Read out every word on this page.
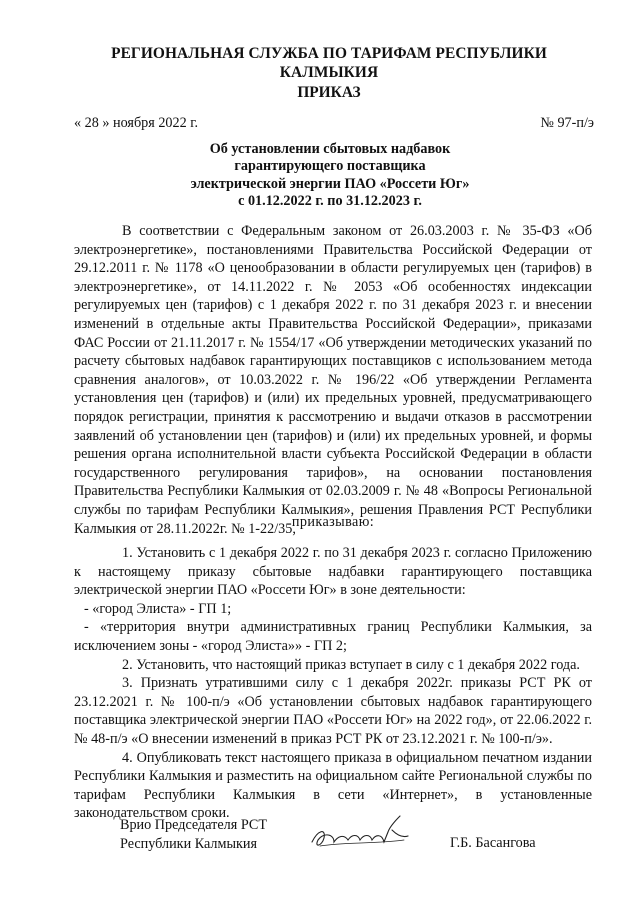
РЕГИОНАЛЬНАЯ СЛУЖБА ПО ТАРИФАМ РЕСПУБЛИКИ КАЛМЫКИЯ
ПРИКАЗ
« 28 » ноября 2022 г.	№ 97-п/э
Об установлении сбытовых надбавок
гарантирующего поставщика
электрической энергии ПАО «Россети Юг»
с 01.12.2022 г. по 31.12.2023 г.

В соответствии с Федеральным законом от 26.03.2003 г. № 35-ФЗ «Об электроэнергетике», постановлениями Правительства Российской Федерации от 29.12.2011 г. № 1178 «О ценообразовании в области регулируемых цен (тарифов) в электроэнергетике», от 14.11.2022 г. № 2053 «Об особенностях индексации регулируемых цен (тарифов) с 1 декабря 2022 г. по 31 декабря 2023 г. и внесении изменений в отдельные акты Правительства Российской Федерации», приказами ФАС России от 21.11.2017 г. № 1554/17 «Об утверждении методических указаний по расчету сбытовых надбавок гарантирующих поставщиков с использованием метода сравнения аналогов», от 10.03.2022 г. № 196/22 «Об утверждении Регламента установления цен (тарифов) и (или) их предельных уровней, предусматривающего порядок регистрации, принятия к рассмотрению и выдачи отказов в рассмотрении заявлений об установлении цен (тарифов) и (или) их предельных уровней, и формы решения органа исполнительной власти субъекта Российской Федерации в области государственного регулирования тарифов», на основании постановления Правительства Республики Калмыкия от 02.03.2009 г. № 48 «Вопросы Региональной службы по тарифам Республики Калмыкия», решения Правления РСТ Республики Калмыкия от 28.11.2022г. № 1-22/35,

приказываю:

1. Установить с 1 декабря 2022 г. по 31 декабря 2023 г. согласно Приложению к настоящему приказу сбытовые надбавки гарантирующего поставщика электрической энергии ПАО «Россети Юг» в зоне деятельности:

- «город Элиста» - ГП 1;

- «территория внутри административных границ Республики Калмыкия, за исключением зоны - «город Элиста»» - ГП 2;

2. Установить, что настоящий приказ вступает в силу с 1 декабря 2022 года.

3. Признать утратившими силу с 1 декабря 2022г. приказы РСТ РК от 23.12.2021 г. № 100-п/э «Об установлении сбытовых надбавок гарантирующего поставщика электрической энергии ПАО «Россети Юг» на 2022 год», от 22.06.2022 г. № 48-п/э «О внесении изменений в приказ РСТ РК от 23.12.2021 г. № 100-п/э».

4. Опубликовать текст настоящего приказа в официальном печатном издании Республики Калмыкия и разместить на официальном сайте Региональной службы по тарифам Республики Калмыкия в сети «Интернет», в установленные законодательством сроки.

Врио Председателя РСТ
Республики Калмыкия	Г.Б. Басангова
